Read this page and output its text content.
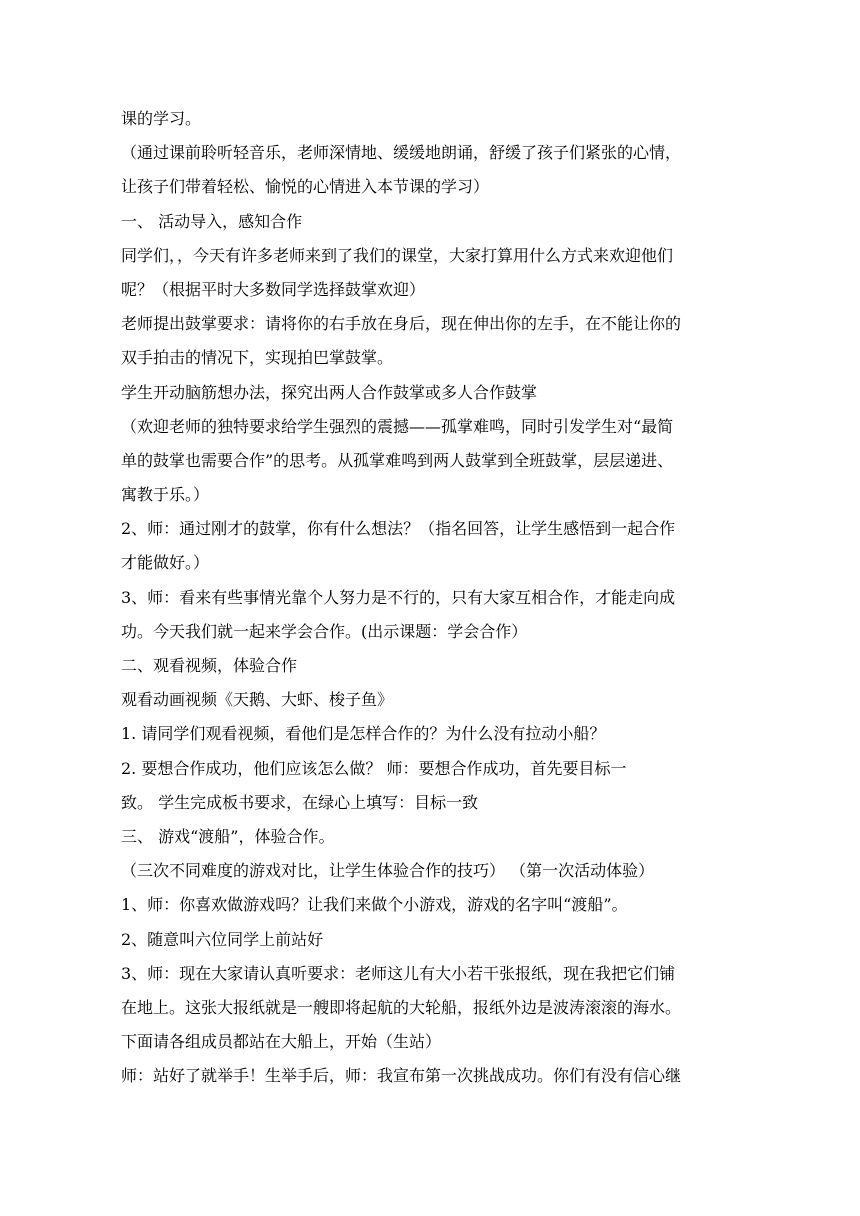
课的学习。
（通过课前聆听轻音乐，老师深情地、缓缓地朗诵，舒缓了孩子们紧张的心情，
让孩子们带着轻松、愉悦的心情进入本节课的学习）
一、 活动导入，感知合作
同学们，，今天有许多老师来到了我们的课堂，大家打算用什么方式来欢迎他们
呢？（根据平时大多数同学选择鼓掌欢迎）
老师提出鼓掌要求：请将你的右手放在身后，现在伸出你的左手，在不能让你的
双手拍击的情况下，实现拍巴掌鼓掌。
学生开动脑筋想办法，探究出两人合作鼓掌或多人合作鼓掌
（欢迎老师的独特要求给学生强烈的震撼——孤掌难鸣，同时引发学生对“最简
单的鼓掌也需要合作”的思考。从孤掌难鸣到两人鼓掌到全班鼓掌，层层递进、
寓教于乐。）
2、师：通过刚才的鼓掌，你有什么想法？（指名回答，让学生感悟到一起合作
才能做好。）
3、师：看来有些事情光靠个人努力是不行的，只有大家互相合作，才能走向成
功。今天我们就一起来学会合作。(出示课题：学会合作）
二、观看视频，体验合作
观看动画视频《天鹅、大虾、梭子鱼》
1. 请同学们观看视频，看他们是怎样合作的？为什么没有拉动小船？
2. 要想合作成功，他们应该怎么做？ 师：要想合作成功，首先要目标一
致。 学生完成板书要求，在绿心上填写：目标一致
三、 游戏“渡船”，体验合作。
（三次不同难度的游戏对比，让学生体验合作的技巧） （第一次活动体验）
1、师：你喜欢做游戏吗？让我们来做个小游戏，游戏的名字叫“渡船”。
2、随意叫六位同学上前站好
3、师：现在大家请认真听要求：老师这儿有大小若干张报纸，现在我把它们铺
在地上。这张大报纸就是一艘即将起航的大轮船，报纸外边是波涛滚滚的海水。
下面请各组成员都站在大船上，开始（生站）
师：站好了就举手！生举手后，师：我宣布第一次挑战成功。你们有没有信心继
